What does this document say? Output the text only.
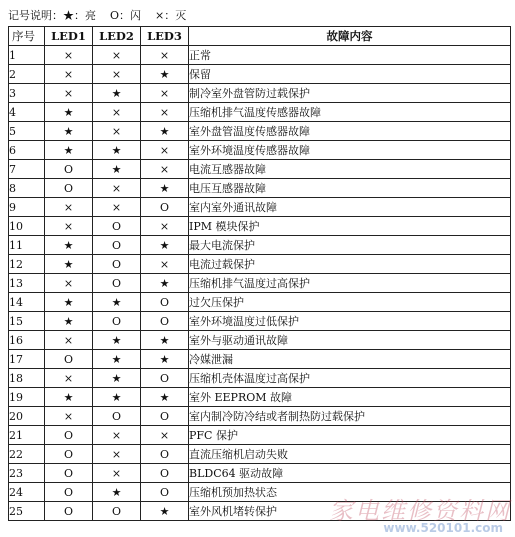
记号说明： ★：亮 O：闪 ×：灭
序号	LED1	LED2	LED3	故障内容
1	×	×	×	正常
2	×	×	★	保留
3	×	★	×	制冷室外盘管防过载保护
4	★	×	×	压缩机排气温度传感器故障
5	★	×	★	室外盘管温度传感器故障
6	★	★	×	室外环境温度传感器故障
7	O	★	×	电流互感器故障
8	O	×	★	电压互感器故障
9	×	×	O	室内室外通讯故障
10	×	O	×	IPM 模块保护
11	★	O	★	最大电流保护
12	★	O	×	电流过载保护
13	×	O	★	压缩机排气温度过高保护
14	★	★	O	过欠压保护
15	★	O	O	室外环境温度过低保护
16	×	★	★	室外与驱动通讯故障
17	O	★	★	冷媒泄漏
18	×	★	O	压缩机壳体温度过高保护
19	★	★	★	室外 EEPROM 故障
20	×	O	O	室内制冷防冷结或者制热防过载保护
21	O	×	×	PFC 保护
22	O	×	O	直流压缩机启动失败
23	O	×	O	BLDC64 驱动故障
24	O	★	O	压缩机预加热状态
25	O	O	★	室外风机堵转保护 家电维修资料网
www.520101.com
